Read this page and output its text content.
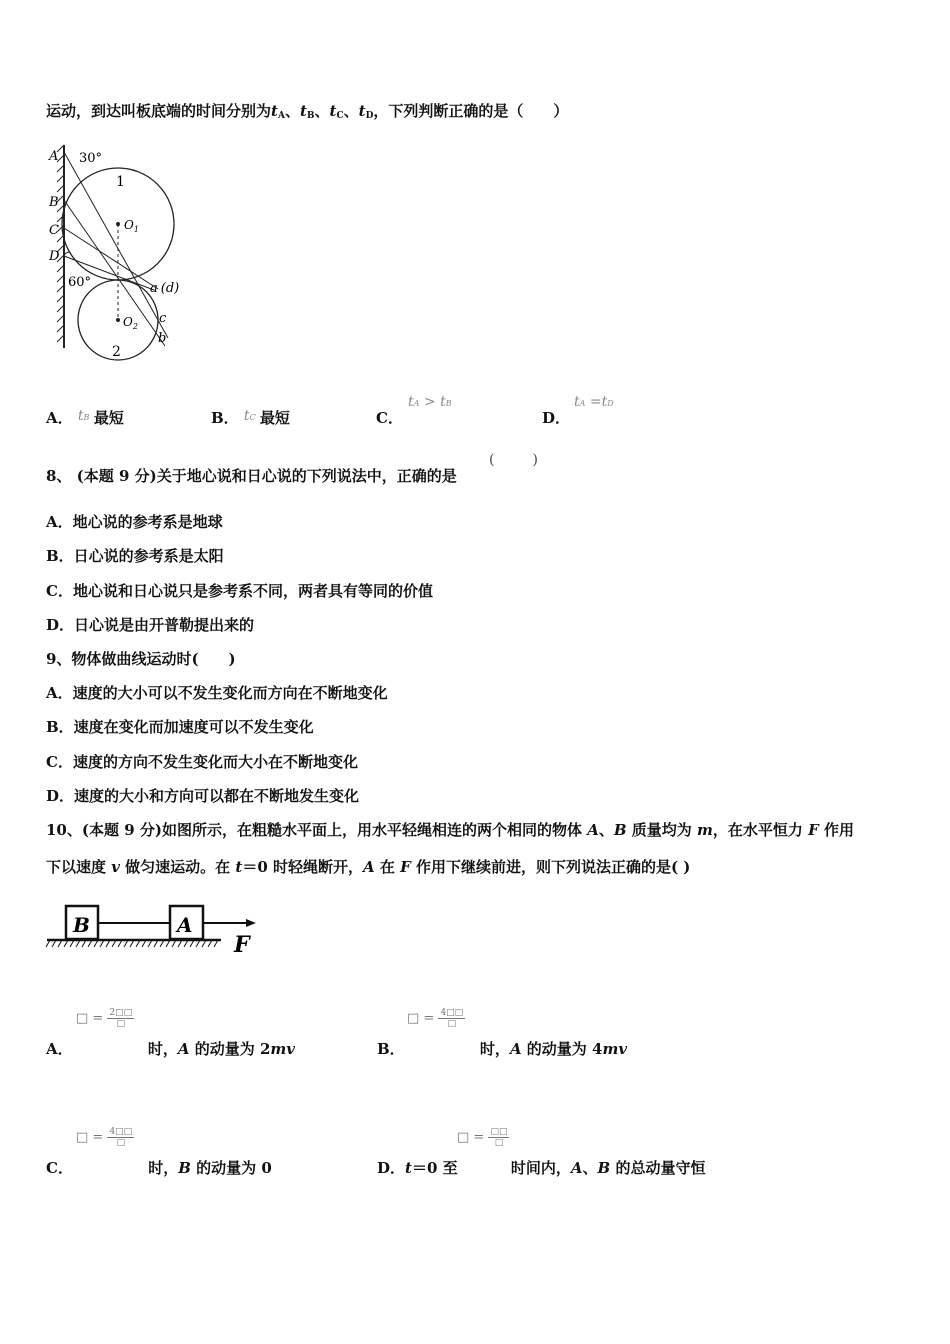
运动，到达叫板底端的时间分别为$t_A$、$t_B$、$t_C$、$t_D$，下列判断正确的是（　　）
A
B
C
D
30°
60°
1
2
$O_1$
$O_2$
a (d)
c
b
A． tB 最短	B． tC 最短	C．
tA > tB
D．
tA =tD
8、 (本题 9 分)关于地心说和日心说的下列说法中，正确的是
(	)
A．地心说的参考系是地球
B．日心说的参考系是太阳
C．地心说和日心说只是参考系不同，两者具有等同的价值
D．日心说是由开普勒提出来的
9、物体做曲线运动时(　　)
A．速度的大小可以不发生变化而方向在不断地变化
B．速度在变化而加速度可以不发生变化
C．速度的方向不发生变化而大小在不断地变化
D．速度的大小和方向可以都在不断地发生变化
10、(本题 9 分)如图所示，在粗糙水平面上，用水平轻绳相连的两个相同的物体 A、B 质量均为 m，在水平恒力 F 作用
下以速度 v 做匀速运动。在 t＝0 时轻绳断开，A 在 F 作用下继续前进，则下列说法正确的是( )
B	A
F
A．
□ = 2□□
□
时，A 的动量为 2mv	B．
□ = 4□□
□
时，A 的动量为 4mv
C．
□ = 4□□
□
时，B 的动量为 0	D．t＝0 至
□ = □□
□
时间内，A、B 的总动量守恒
